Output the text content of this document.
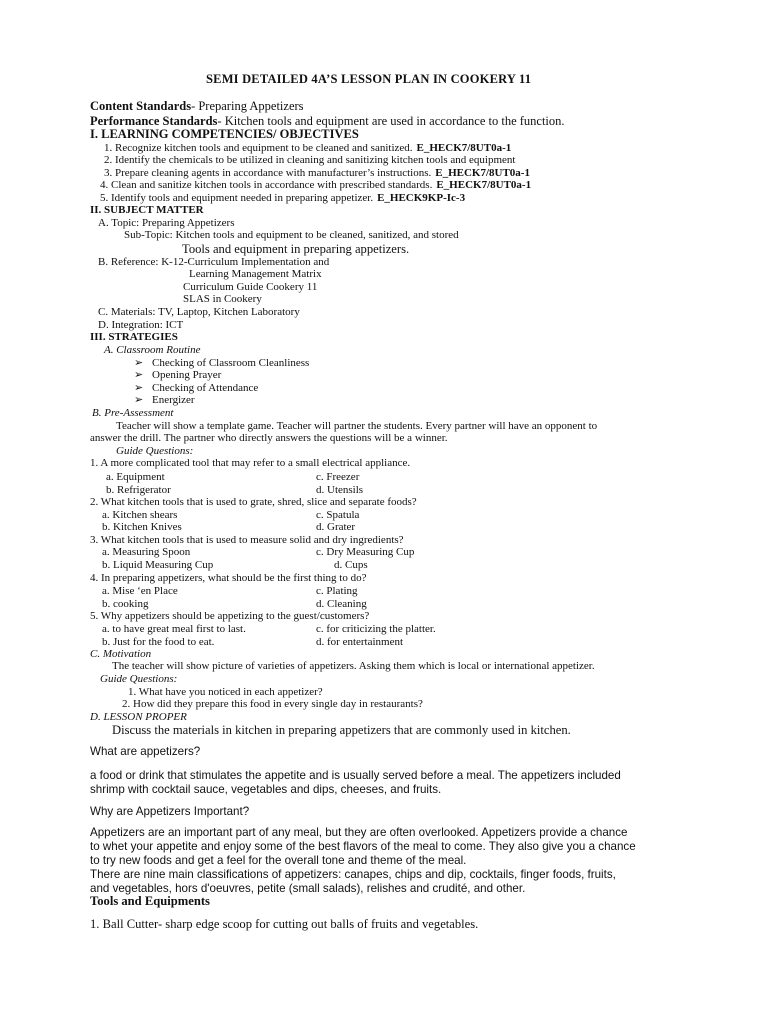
SEMI DETAILED 4A’S LESSON PLAN IN COOKERY 11
Content Standards- Preparing Appetizers
Performance Standards- Kitchen tools and equipment are used in accordance to the function.
I. LEARNING COMPETENCIES/ OBJECTIVES
1. Recognize kitchen tools and equipment to be cleaned and sanitized. E_HECK7/8UT0a-1
2. Identify the chemicals to be utilized in cleaning and sanitizing kitchen tools and equipment
3. Prepare cleaning agents in accordance with manufacturer’s instructions. E_HECK7/8UT0a-1
4. Clean and sanitize kitchen tools in accordance with prescribed standards. E_HECK7/8UT0a-1
5. Identify tools and equipment needed in preparing appetizer. E_HECK9KP-Ic-3
II. SUBJECT MATTER
A. Topic: Preparing Appetizers
Sub-Topic: Kitchen tools and equipment to be cleaned, sanitized, and stored
Tools and equipment in preparing appetizers.
B. Reference: K-12-Curriculum Implementation and
Learning Management Matrix
Curriculum Guide Cookery 11
SLAS in Cookery
C. Materials: TV, Laptop, Kitchen Laboratory
D. Integration: ICT
III. STRATEGIES
A. Classroom Routine
➢ Checking of Classroom Cleanliness
➢ Opening Prayer
➢ Checking of Attendance
➢ Energizer
B. Pre-Assessment
Teacher will show a template game. Teacher will partner the students. Every partner will have an opponent to
answer the drill. The partner who directly answers the questions will be a winner.
Guide Questions:
1. A more complicated tool that may refer to a small electrical appliance.
a. Equipment	c. Freezer
b. Refrigerator	d. Utensils
2. What kitchen tools that is used to grate, shred, slice and separate foods?
a. Kitchen shears	c. Spatula
b. Kitchen Knives	d. Grater
3. What kitchen tools that is used to measure solid and dry ingredients?
a. Measuring Spoon	c. Dry Measuring Cup
b. Liquid Measuring Cup	d. Cups
4. In preparing appetizers, what should be the first thing to do?
a. Mise ‘en Place	c. Plating
b. cooking	d. Cleaning
5. Why appetizers should be appetizing to the guest/customers?
a. to have great meal first to last.	c. for criticizing the platter.
b. Just for the food to eat.	d. for entertainment
C. Motivation
The teacher will show picture of varieties of appetizers. Asking them which is local or international appetizer.
Guide Questions:
1. What have you noticed in each appetizer?
2. How did they prepare this food in every single day in restaurants?
D. LESSON PROPER
Discuss the materials in kitchen in preparing appetizers that are commonly used in kitchen.
What are appetizers?
a food or drink that stimulates the appetite and is usually served before a meal. The appetizers included
shrimp with cocktail sauce, vegetables and dips, cheeses, and fruits.
Why are Appetizers Important?
Appetizers are an important part of any meal, but they are often overlooked. Appetizers provide a chance
to whet your appetite and enjoy some of the best flavors of the meal to come. They also give you a chance
to try new foods and get a feel for the overall tone and theme of the meal.
There are nine main classifications of appetizers: canapes, chips and dip, cocktails, finger foods, fruits,
and vegetables, hors d'oeuvres, petite (small salads), relishes and crudité, and other.
Tools and Equipments
1. Ball Cutter- sharp edge scoop for cutting out balls of fruits and vegetables.
